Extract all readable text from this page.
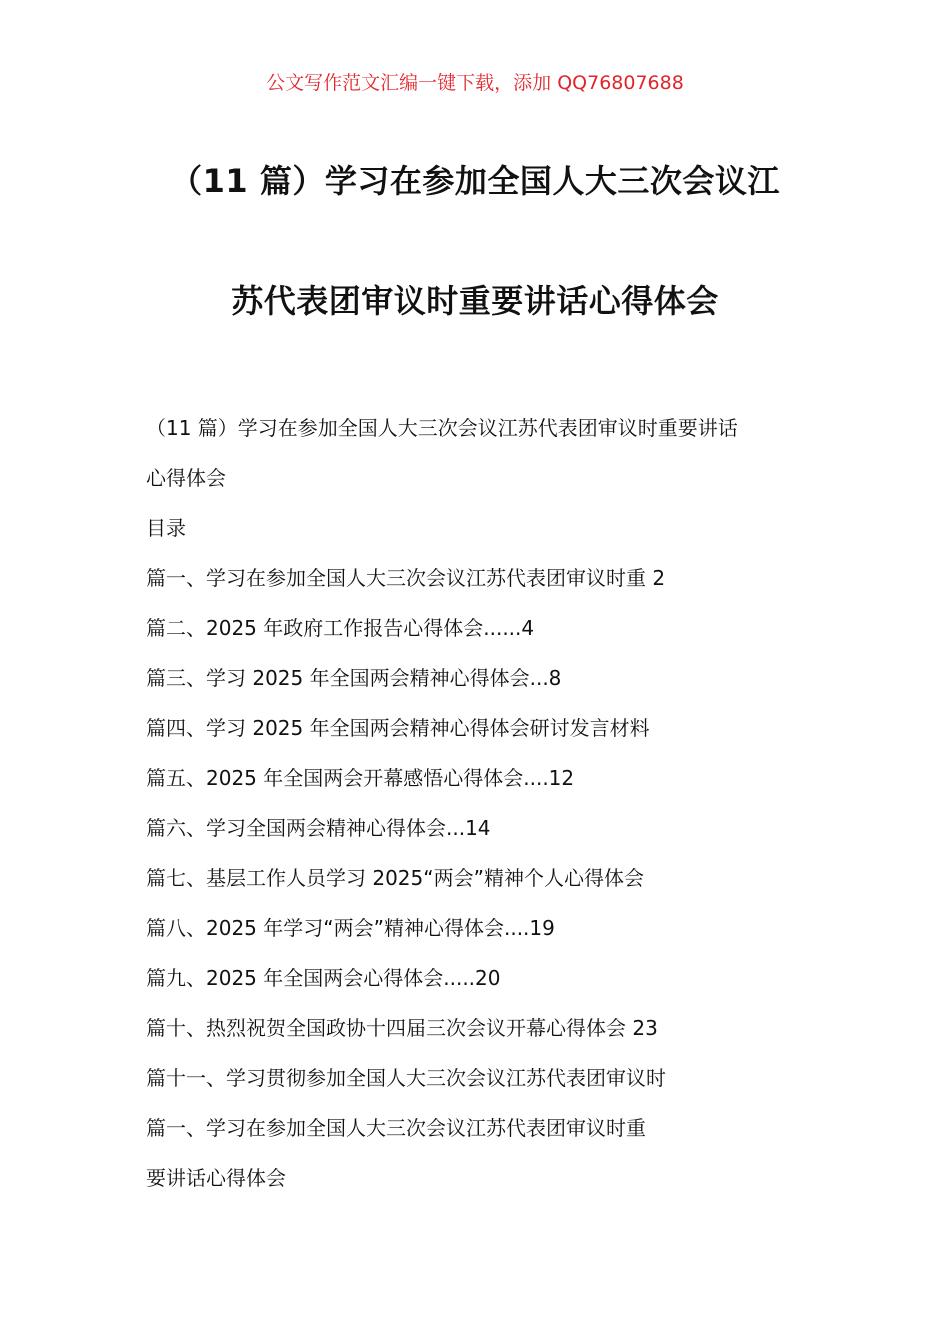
公文写作范文汇编一键下载，添加 QQ76807688
（11 篇）学习在参加全国人大三次会议江
苏代表团审议时重要讲话心得体会
（11 篇）学习在参加全国人大三次会议江苏代表团审议时重要讲话
心得体会
目录
篇一、学习在参加全国人大三次会议江苏代表团审议时重 2
篇二、2025 年政府工作报告心得体会......4
篇三、学习 2025 年全国两会精神心得体会...8
篇四、学习 2025 年全国两会精神心得体会研讨发言材料
篇五、2025 年全国两会开幕感悟心得体会....12
篇六、学习全国两会精神心得体会...14
篇七、基层工作人员学习 2025“两会”精神个人心得体会
篇八、2025 年学习“两会”精神心得体会....19
篇九、2025 年全国两会心得体会.....20
篇十、热烈祝贺全国政协十四届三次会议开幕心得体会 23
篇十一、学习贯彻参加全国人大三次会议江苏代表团审议时
篇一、学习在参加全国人大三次会议江苏代表团审议时重
要讲话心得体会
